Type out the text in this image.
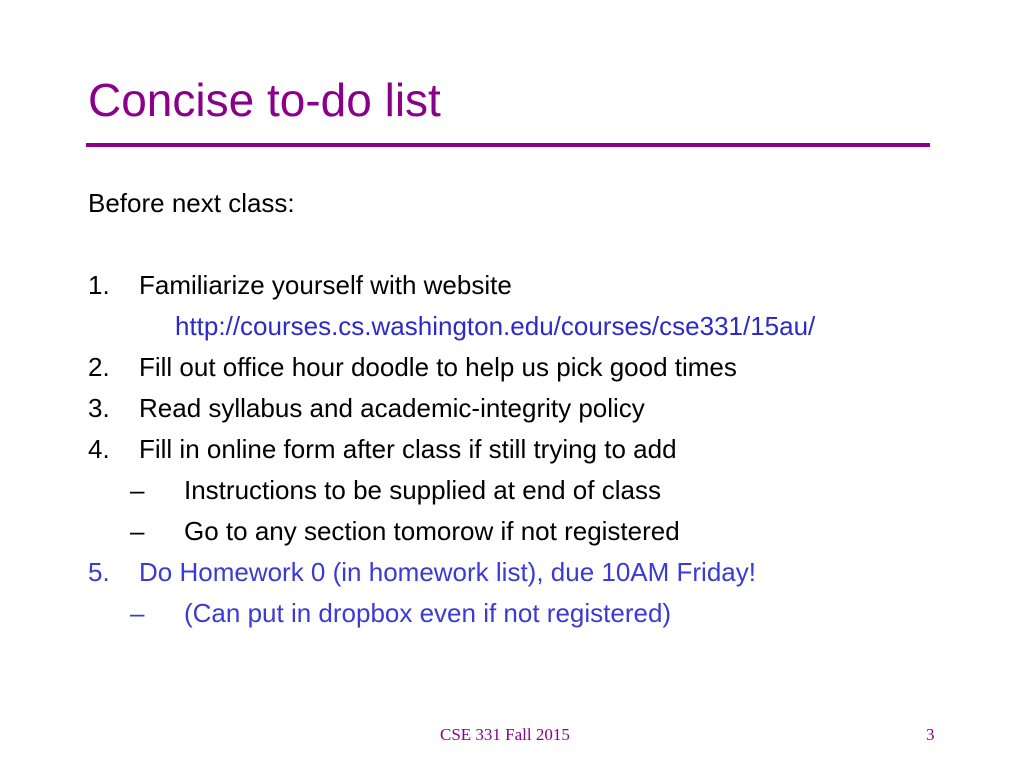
Concise to-do list
Before next class:
1. Familiarize yourself with website
http://courses.cs.washington.edu/courses/cse331/15au/
2. Fill out office hour doodle to help us pick good times
3. Read syllabus and academic-integrity policy
4. Fill in online form after class if still trying to add
– Instructions to be supplied at end of class
– Go to any section tomorow if not registered
5. Do Homework 0 (in homework list), due 10AM Friday!
– (Can put in dropbox even if not registered)
CSE 331 Fall 2015	3
